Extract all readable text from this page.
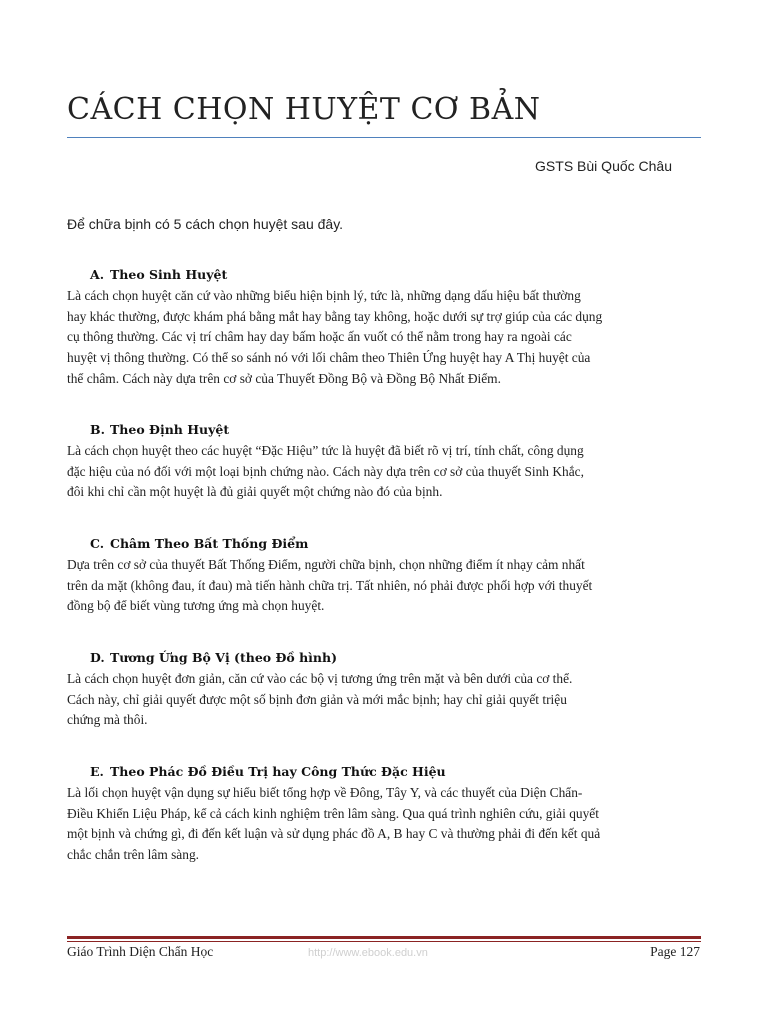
CÁCH CHỌN HUYỆT CƠ BẢN
GSTS Bùi Quốc Châu
Để chữa bịnh có 5 cách chọn huyệt sau đây.
A. Theo Sinh Huyệt
Là cách chọn huyệt căn cứ vào những biểu hiện bịnh lý, tức là, những dạng dấu hiệu bất thường
hay khác thường, được khám phá bằng mắt hay bằng tay không, hoặc dưới sự trợ giúp của các dụng
cụ thông thường. Các vị trí châm hay day bấm hoặc ấn vuốt có thể nằm trong hay ra ngoài các
huyệt vị thông thường. Có thể so sánh nó với lối châm theo Thiên Ứng huyệt hay A Thị huyệt của
thể châm. Cách này dựa trên cơ sở của Thuyết Đồng Bộ và Đồng Bộ Nhất Điểm.
B. Theo Định Huyệt
Là cách chọn huyệt theo các huyệt “Đặc Hiệu” tức là huyệt đã biết rõ vị trí, tính chất, công dụng
đặc hiệu của nó đối với một loại bịnh chứng nào. Cách này dựa trên cơ sở của thuyết Sinh Khắc,
đôi khi chỉ cần một huyệt là đủ giải quyết một chứng nào đó của bịnh.
C. Châm Theo Bất Thống Điểm
Dựa trên cơ sở của thuyết Bất Thống Điểm, người chữa bịnh, chọn những điểm ít nhạy cảm nhất
trên da mặt (không đau, ít đau) mà tiến hành chữa trị. Tất nhiên, nó phải được phối hợp với thuyết
đồng bộ để biết vùng tương ứng mà chọn huyệt.
D. Tương Ứng Bộ Vị (theo Đồ hình)
Là cách chọn huyệt đơn giản, căn cứ vào các bộ vị tương ứng trên mặt và bên dưới của cơ thể.
Cách này, chỉ giải quyết được một số bịnh đơn giản và mới mắc bịnh; hay chỉ giải quyết triệu
chứng mà thôi.
E. Theo Phác Đồ Điều Trị hay Công Thức Đặc Hiệu
Là lối chọn huyệt vận dụng sự hiểu biết tổng hợp về Đông, Tây Y, và các thuyết của Diện Chẩn-
Điều Khiển Liệu Pháp, kể cả cách kinh nghiệm trên lâm sàng. Qua quá trình nghiên cứu, giải quyết
một bịnh và chứng gì, đi đến kết luận và sử dụng phác đồ A, B hay C và thường phải đi đến kết quả
chắc chắn trên lâm sàng.
Giáo Trình Diện Chẩn Học	http://www.ebook.edu.vn	Page 127
